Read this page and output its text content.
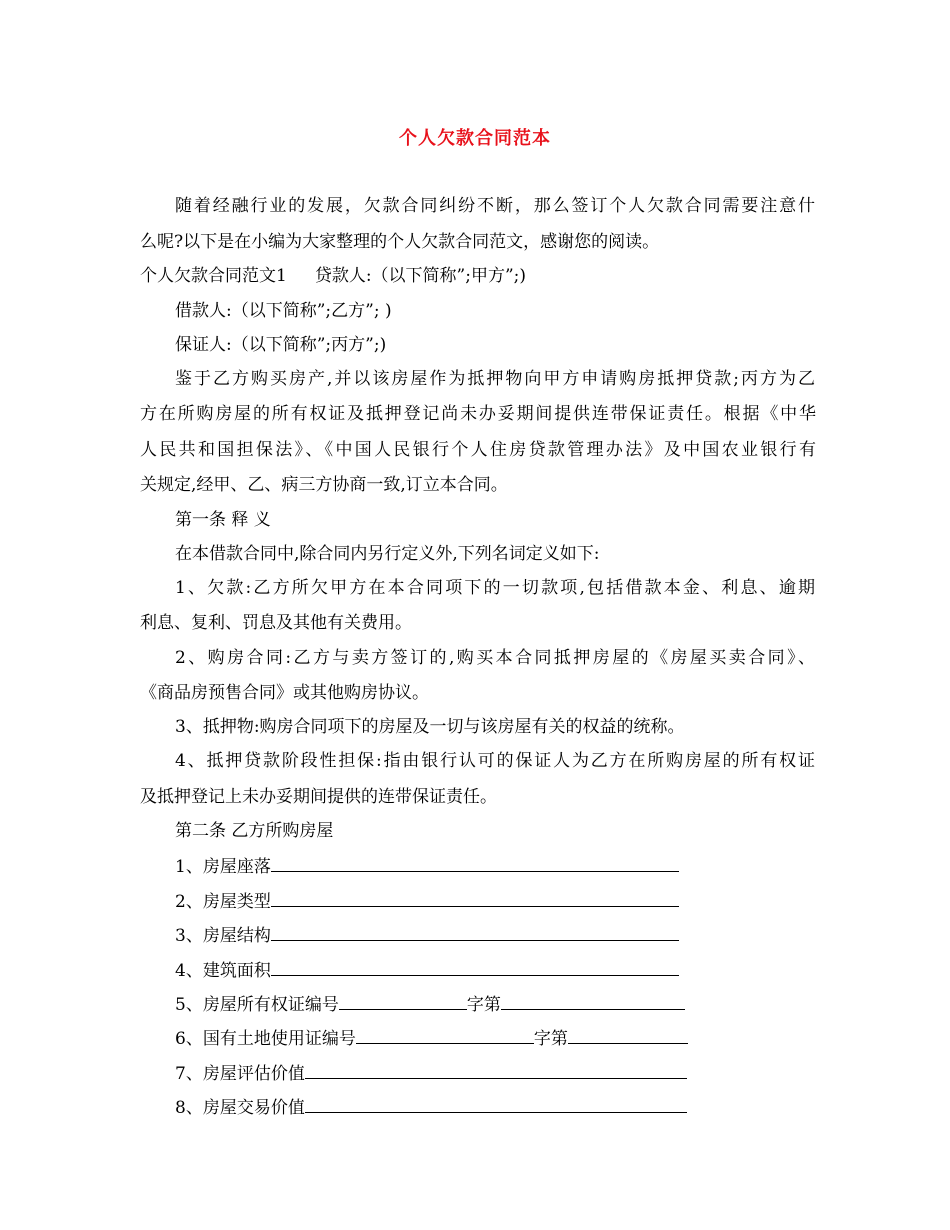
个人欠款合同范本
随着经融行业的发展，欠款合同纠纷不断，那么签订个人欠款合同需要注意什
么呢?以下是在小编为大家整理的个人欠款合同范文，感谢您的阅读。
个人欠款合同范文1 贷款人:（以下简称”;甲方”;)
借款人:（以下简称”;乙方”; )
保证人:（以下简称”;丙方”;)
鉴于乙方购买房产,并以该房屋作为抵押物向甲方申请购房抵押贷款;丙方为乙
方在所购房屋的所有权证及抵押登记尚未办妥期间提供连带保证责任。根据《中华
人民共和国担保法》、《中国人民银行个人住房贷款管理办法》及中国农业银行有
关规定,经甲、乙、病三方协商一致,订立本合同。
第一条 释 义
在本借款合同中,除合同内另行定义外,下列名词定义如下:
1、欠款:乙方所欠甲方在本合同项下的一切款项,包括借款本金、利息、逾期
利息、复利、罚息及其他有关费用。
2、购房合同:乙方与卖方签订的,购买本合同抵押房屋的《房屋买卖合同》、
《商品房预售合同》或其他购房协议。
3、抵押物:购房合同项下的房屋及一切与该房屋有关的权益的统称。
4、抵押贷款阶段性担保:指由银行认可的保证人为乙方在所购房屋的所有权证
及抵押登记上未办妥期间提供的连带保证责任。
第二条 乙方所购房屋
1、房屋座落
2、房屋类型
3、房屋结构
4、建筑面积
5、房屋所有权证编号	字第
6、国有土地使用证编号	字第
7、房屋评估价值
8、房屋交易价值
